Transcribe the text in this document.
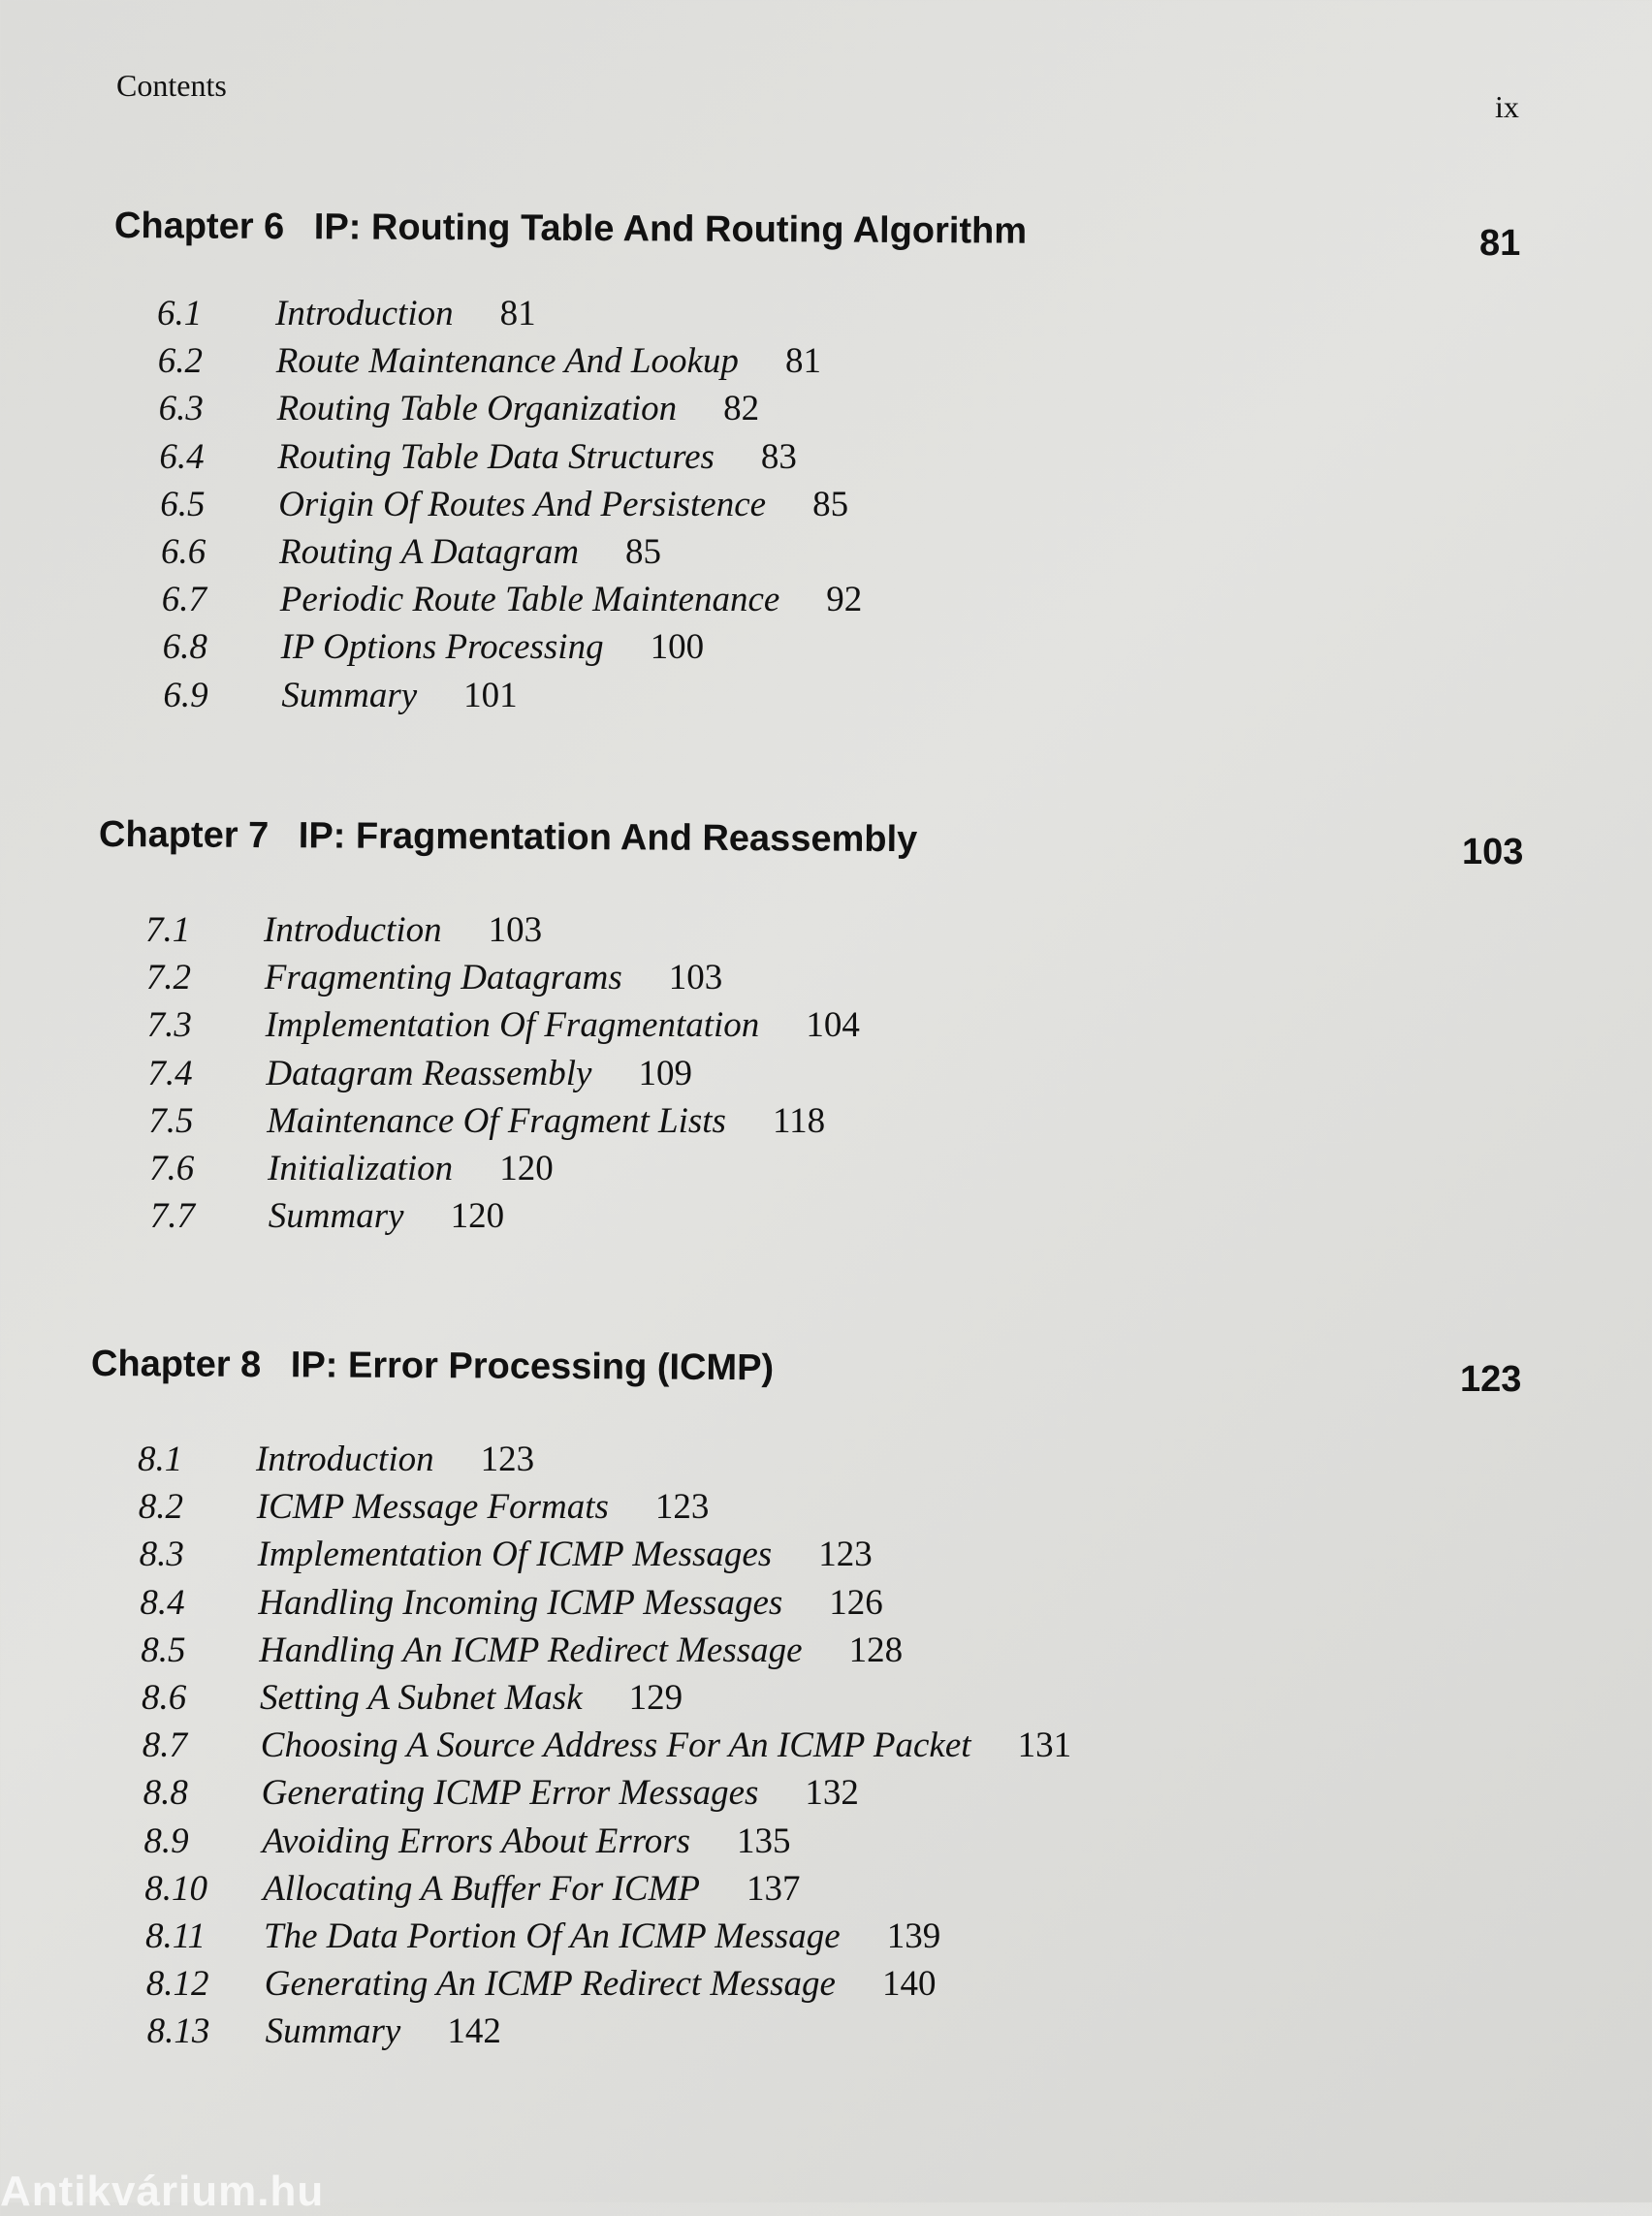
Contents
ix
Chapter 6 IP: Routing Table And Routing Algorithm	81
6.1 Introduction 81
6.2 Route Maintenance And Lookup 81
6.3 Routing Table Organization 82
6.4 Routing Table Data Structures 83
6.5 Origin Of Routes And Persistence 85
6.6 Routing A Datagram 85
6.7 Periodic Route Table Maintenance 92
6.8 IP Options Processing 100
6.9 Summary 101
Chapter 7 IP: Fragmentation And Reassembly	103
7.1 Introduction 103
7.2 Fragmenting Datagrams 103
7.3 Implementation Of Fragmentation 104
7.4 Datagram Reassembly 109
7.5 Maintenance Of Fragment Lists 118
7.6 Initialization 120
7.7 Summary 120
Chapter 8 IP: Error Processing (ICMP)	123
8.1 Introduction 123
8.2 ICMP Message Formats 123
8.3 Implementation Of ICMP Messages 123
8.4 Handling Incoming ICMP Messages 126
8.5 Handling An ICMP Redirect Message 128
8.6 Setting A Subnet Mask 129
8.7 Choosing A Source Address For An ICMP Packet 131
8.8 Generating ICMP Error Messages 132
8.9 Avoiding Errors About Errors 135
8.10 Allocating A Buffer For ICMP 137
8.11 The Data Portion Of An ICMP Message 139
8.12 Generating An ICMP Redirect Message 140
8.13 Summary 142
Antikvárium.hu
